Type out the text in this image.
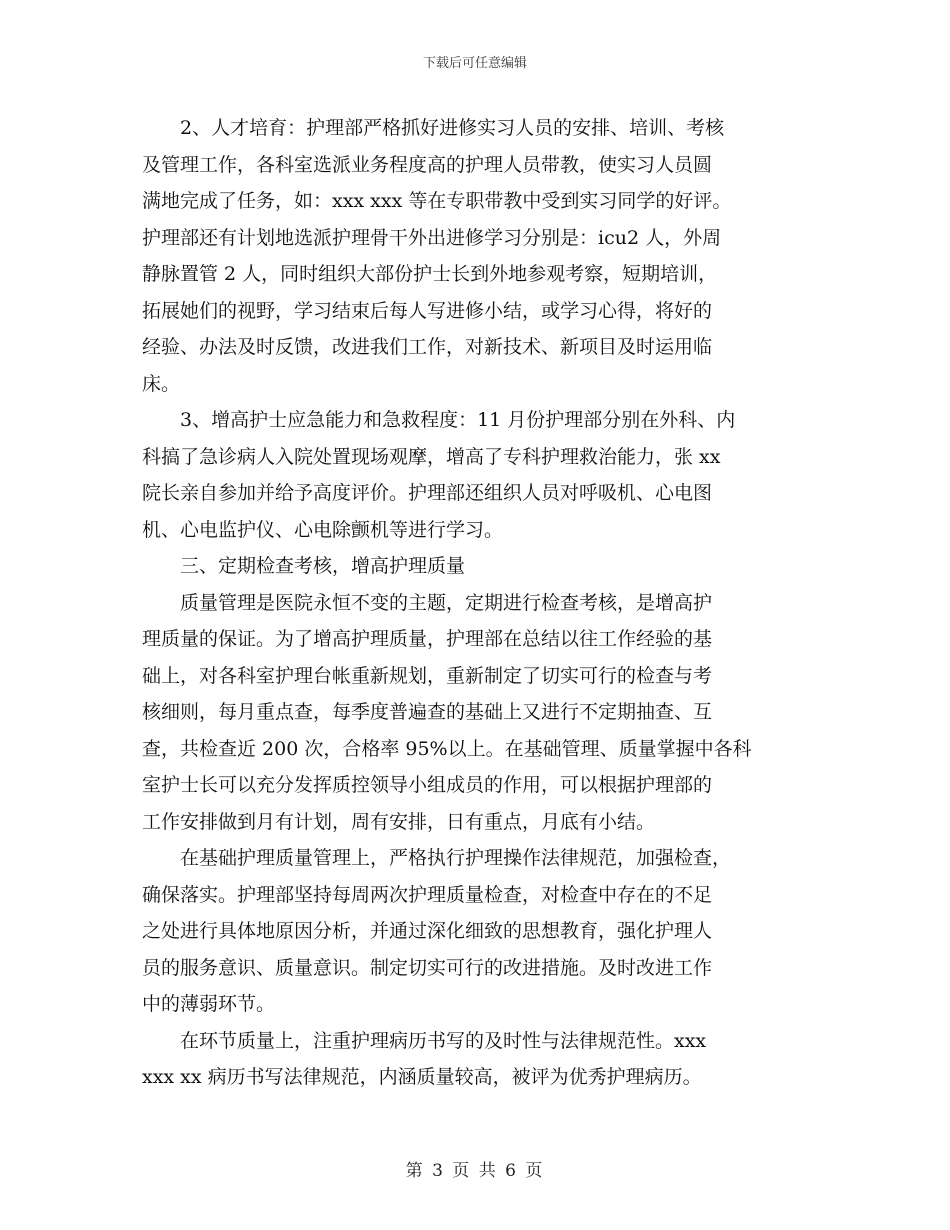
下载后可任意编辑

2、人才培育：护理部严格抓好进修实习人员的安排、培训、考核
及管理工作，各科室选派业务程度高的护理人员带教，使实习人员圆
满地完成了任务，如：xxx xxx 等在专职带教中受到实习同学的好评。
护理部还有计划地选派护理骨干外出进修学习分别是：icu2 人，外周
静脉置管 2 人，同时组织大部份护士长到外地参观考察，短期培训，
拓展她们的视野，学习结束后每人写进修小结，或学习心得，将好的
经验、办法及时反馈，改进我们工作，对新技术、新项目及时运用临
床。

3、增高护士应急能力和急救程度：11 月份护理部分别在外科、内
科搞了急诊病人入院处置现场观摩，增高了专科护理救治能力，张 xx
院长亲自参加并给予高度评价。护理部还组织人员对呼吸机、心电图
机、心电监护仪、心电除颤机等进行学习。

三、定期检查考核，增高护理质量

质量管理是医院永恒不变的主题，定期进行检查考核，是增高护
理质量的保证。为了增高护理质量，护理部在总结以往工作经验的基
础上，对各科室护理台帐重新规划，重新制定了切实可行的检查与考
核细则，每月重点查，每季度普遍查的基础上又进行不定期抽查、互
查，共检查近 200 次，合格率 95%以上。在基础管理、质量掌握中各科
室护士长可以充分发挥质控领导小组成员的作用，可以根据护理部的
工作安排做到月有计划，周有安排，日有重点，月底有小结。

在基础护理质量管理上，严格执行护理操作法律规范，加强检查，
确保落实。护理部坚持每周两次护理质量检查，对检查中存在的不足
之处进行具体地原因分析，并通过深化细致的思想教育，强化护理人
员的服务意识、质量意识。制定切实可行的改进措施。及时改进工作
中的薄弱环节。

在环节质量上，注重护理病历书写的及时性与法律规范性。xxx
xxx xx 病历书写法律规范，内涵质量较高，被评为优秀护理病历。

第 3 页 共 6 页
